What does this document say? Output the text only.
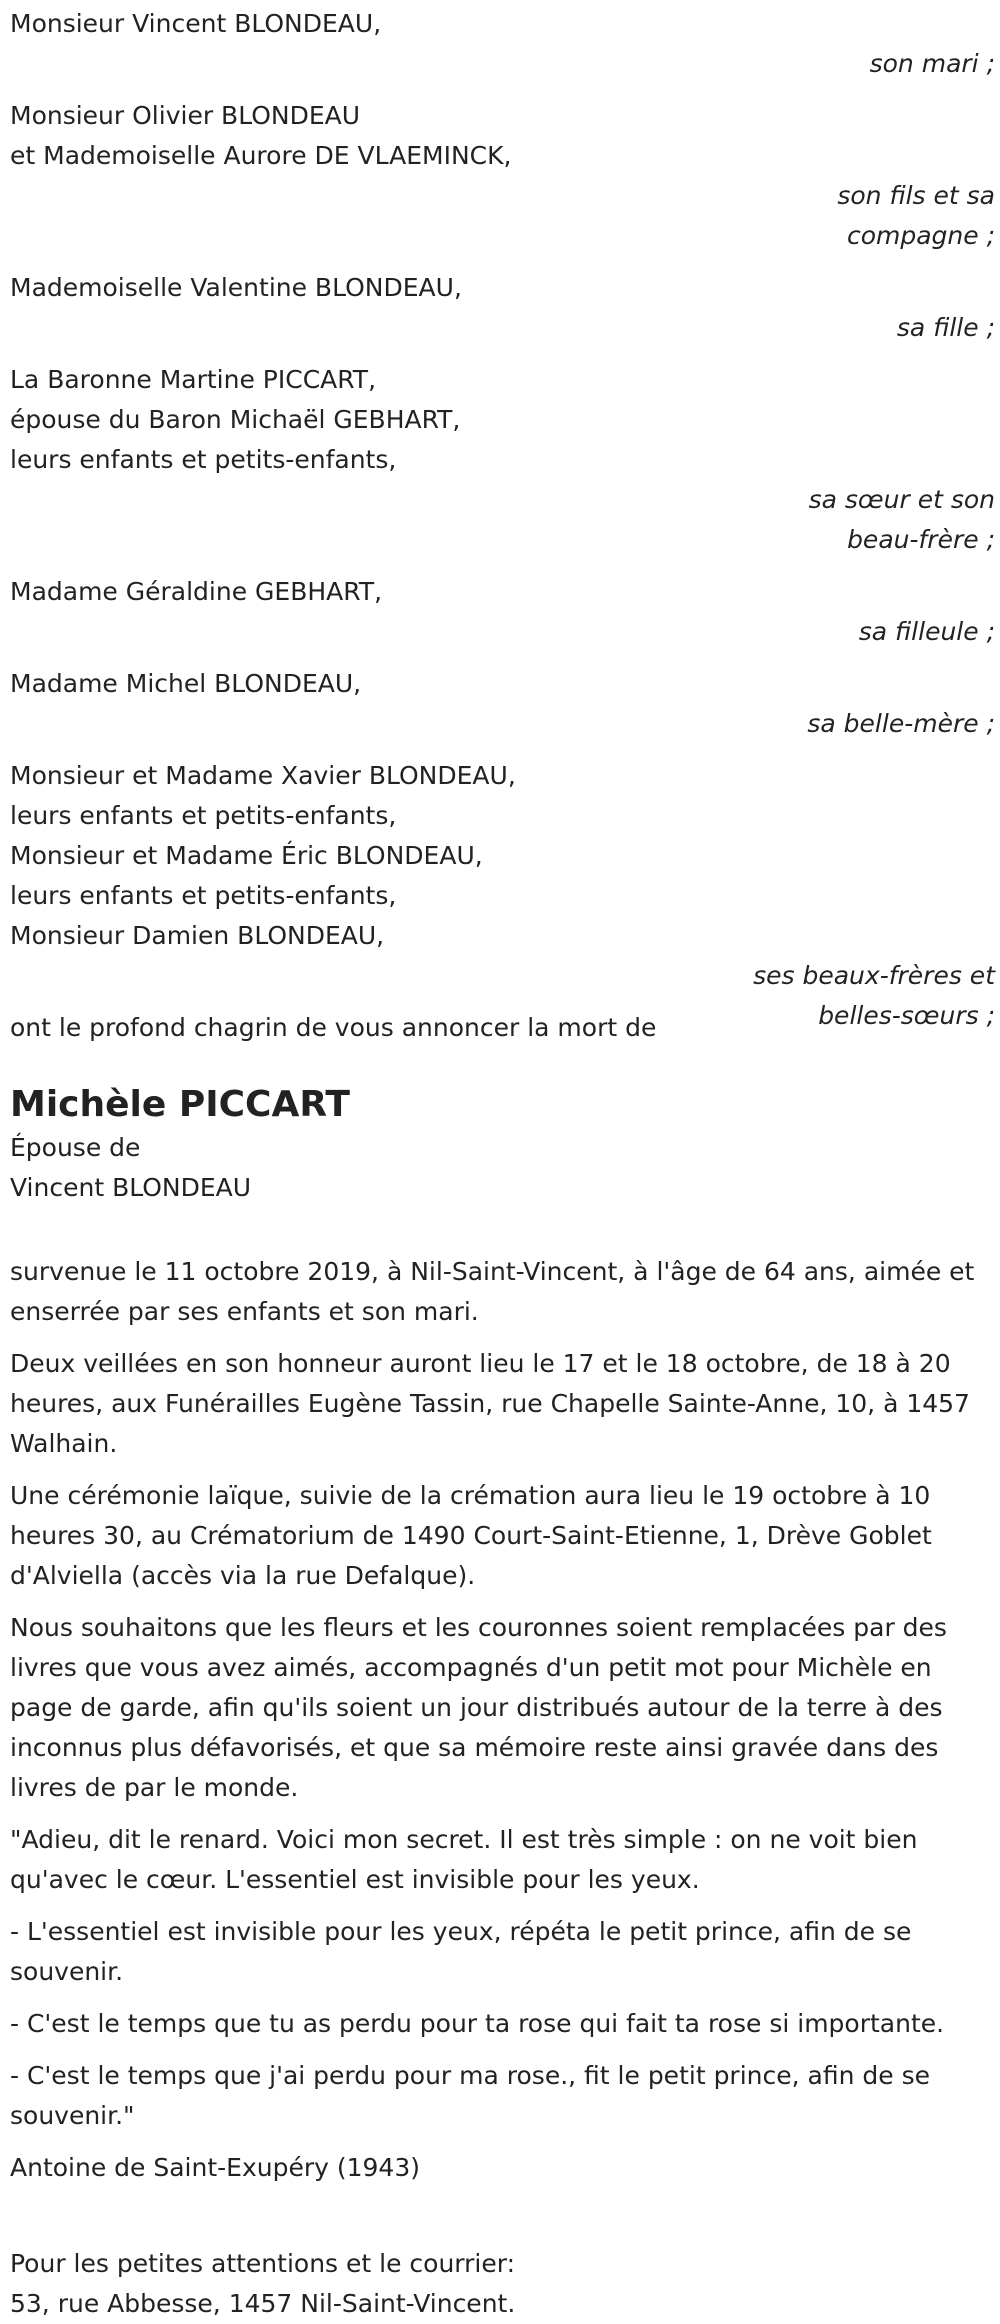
Monsieur Vincent BLONDEAU,
son mari ;
Monsieur Olivier BLONDEAU
et Mademoiselle Aurore DE VLAEMINCK,
son fils et sa
compagne ;
Mademoiselle Valentine BLONDEAU,
sa fille ;
La Baronne Martine PICCART,
épouse du Baron Michaël GEBHART,
leurs enfants et petits-enfants,
sa sœur et son
beau-frère ;
Madame Géraldine GEBHART,
sa filleule ;
Madame Michel BLONDEAU,
sa belle-mère ;
Monsieur et Madame Xavier BLONDEAU,
leurs enfants et petits-enfants,
Monsieur et Madame Éric BLONDEAU,
leurs enfants et petits-enfants,
Monsieur Damien BLONDEAU,
ses beaux-frères et
belles-sœurs ;
ont le profond chagrin de vous annoncer la mort de
Michèle PICCART
Épouse de
Vincent BLONDEAU

survenue le 11 octobre 2019, à Nil-Saint-Vincent, à l'âge de 64 ans, aimée et enserrée par ses enfants et son mari.

Deux veillées en son honneur auront lieu le 17 et le 18 octobre, de 18 à 20 heures, aux Funérailles Eugène Tassin, rue Chapelle Sainte-Anne, 10, à 1457 Walhain.

Une cérémonie laïque, suivie de la crémation aura lieu le 19 octobre à 10 heures 30, au Crématorium de 1490 Court-Saint-Etienne, 1, Drève Goblet d'Alviella (accès via la rue Defalque).

Nous souhaitons que les fleurs et les couronnes soient remplacées par des livres que vous avez aimés, accompagnés d'un petit mot pour Michèle en page de garde, afin qu'ils soient un jour distribués autour de la terre à des inconnus plus défavorisés, et que sa mémoire reste ainsi gravée dans des livres de par le monde.

"Adieu, dit le renard. Voici mon secret. Il est très simple : on ne voit bien qu'avec le cœur. L'essentiel est invisible pour les yeux.

- L'essentiel est invisible pour les yeux, répéta le petit prince, afin de se souvenir.

- C'est le temps que tu as perdu pour ta rose qui fait ta rose si importante.

- C'est le temps que j'ai perdu pour ma rose., fit le petit prince, afin de se souvenir."

Antoine de Saint-Exupéry (1943)

Pour les petites attentions et le courrier:
53, rue Abbesse, 1457 Nil-Saint-Vincent.
